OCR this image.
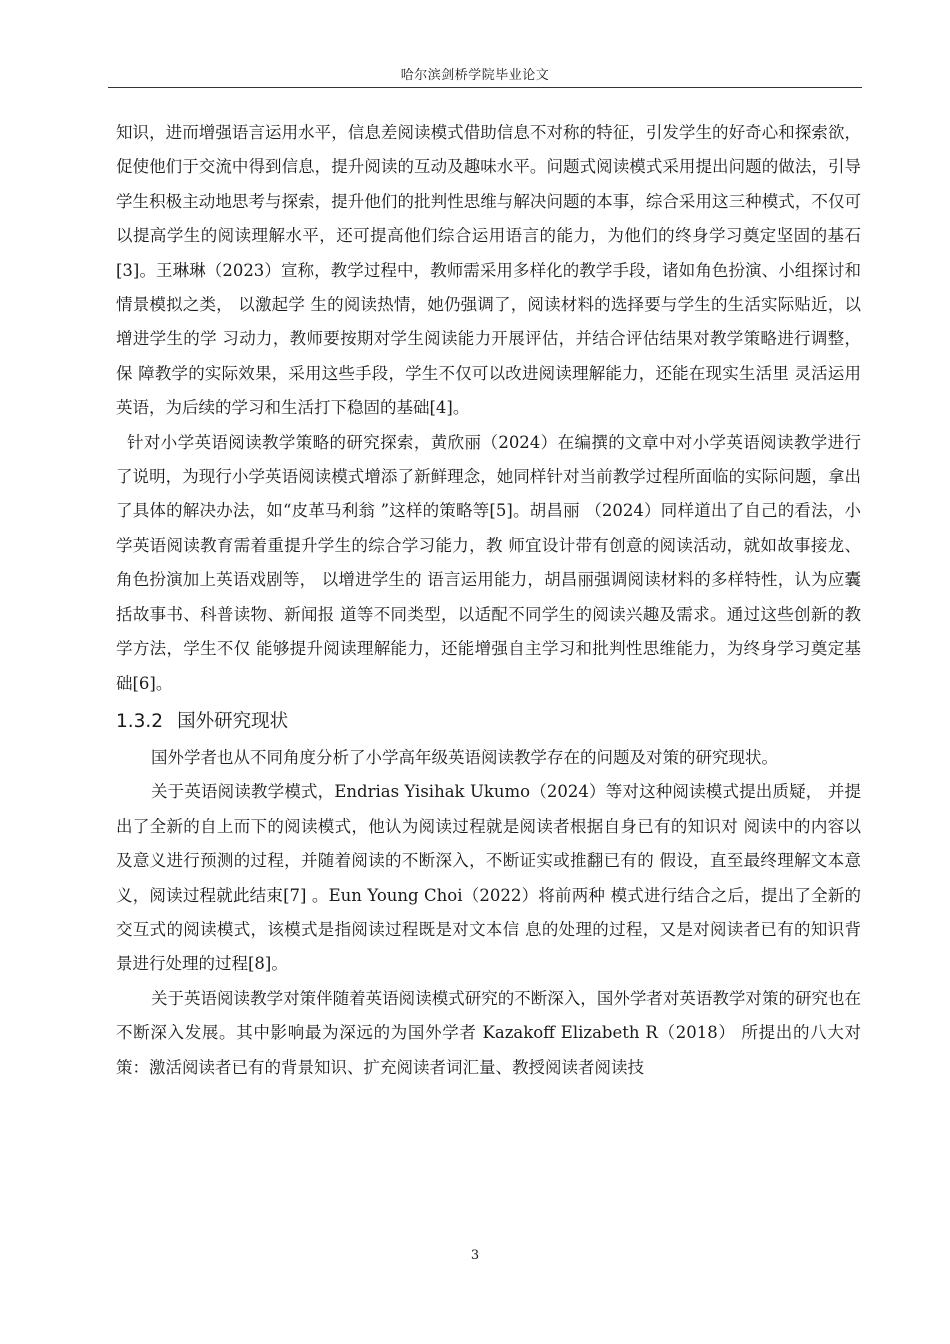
哈尔滨剑桥学院毕业论文

知识，进而增强语言运用水平，信息差阅读模式借助信息不对称的特征，引发学生的好奇心和探索欲，促使他们于交流中得到信息，提升阅读的互动及趣味水平。问题式阅读模式采用提出问题的做法，引导学生积极主动地思考与探索，提升他们的批判性思维与解决问题的本事，综合采用这三种模式，不仅可以提高学生的阅读理解水平，还可提高他们综合运用语言的能力，为他们的终身学习奠定坚固的基石[3]。王琳琳（2023）宣称，教学过程中，教师需采用多样化的教学手段，诸如角色扮演、小组探讨和情景模拟之类， 以激起学 生的阅读热情，她仍强调了，阅读材料的选择要与学生的生活实际贴近，以增进学生的学 习动力，教师要按期对学生阅读能力开展评估，并结合评估结果对教学策略进行调整，保 障教学的实际效果，采用这些手段，学生不仅可以改进阅读理解能力，还能在现实生活里 灵活运用英语，为后续的学习和生活打下稳固的基础[4]。

针对小学英语阅读教学策略的研究探索，黄欣丽（2024）在编撰的文章中对小学英语阅读教学进行了说明，为现行小学英语阅读模式增添了新鲜理念，她同样针对当前教学过程所面临的实际问题，拿出了具体的解决办法，如“皮革马利翁 ”这样的策略等[5]。胡昌丽 （2024）同样道出了自己的看法，小学英语阅读教育需着重提升学生的综合学习能力，教 师宜设计带有创意的阅读活动，就如故事接龙、角色扮演加上英语戏剧等， 以增进学生的 语言运用能力，胡昌丽强调阅读材料的多样特性，认为应囊括故事书、科普读物、新闻报 道等不同类型，以适配不同学生的阅读兴趣及需求。通过这些创新的教学方法，学生不仅 能够提升阅读理解能力，还能增强自主学习和批判性思维能力，为终身学习奠定基础[6]。

1.3.2 国外研究现状

国外学者也从不同角度分析了小学高年级英语阅读教学存在的问题及对策的研究现状。

关于英语阅读教学模式，Endrias Yisihak Ukumo（2024）等对这种阅读模式提出质疑， 并提出了全新的自上而下的阅读模式，他认为阅读过程就是阅读者根据自身已有的知识对 阅读中的内容以及意义进行预测的过程，并随着阅读的不断深入，不断证实或推翻已有的 假设，直至最终理解文本意义，阅读过程就此结束[7] 。Eun Young Choi（2022）将前两种 模式进行结合之后，提出了全新的交互式的阅读模式，该模式是指阅读过程既是对文本信 息的处理的过程，又是对阅读者已有的知识背景进行处理的过程[8]。

关于英语阅读教学对策伴随着英语阅读模式研究的不断深入，国外学者对英语教学对策的研究也在不断深入发展。其中影响最为深远的为国外学者 Kazakoff Elizabeth R（2018） 所提出的八大对策：激活阅读者已有的背景知识、扩充阅读者词汇量、教授阅读者阅读技

3
